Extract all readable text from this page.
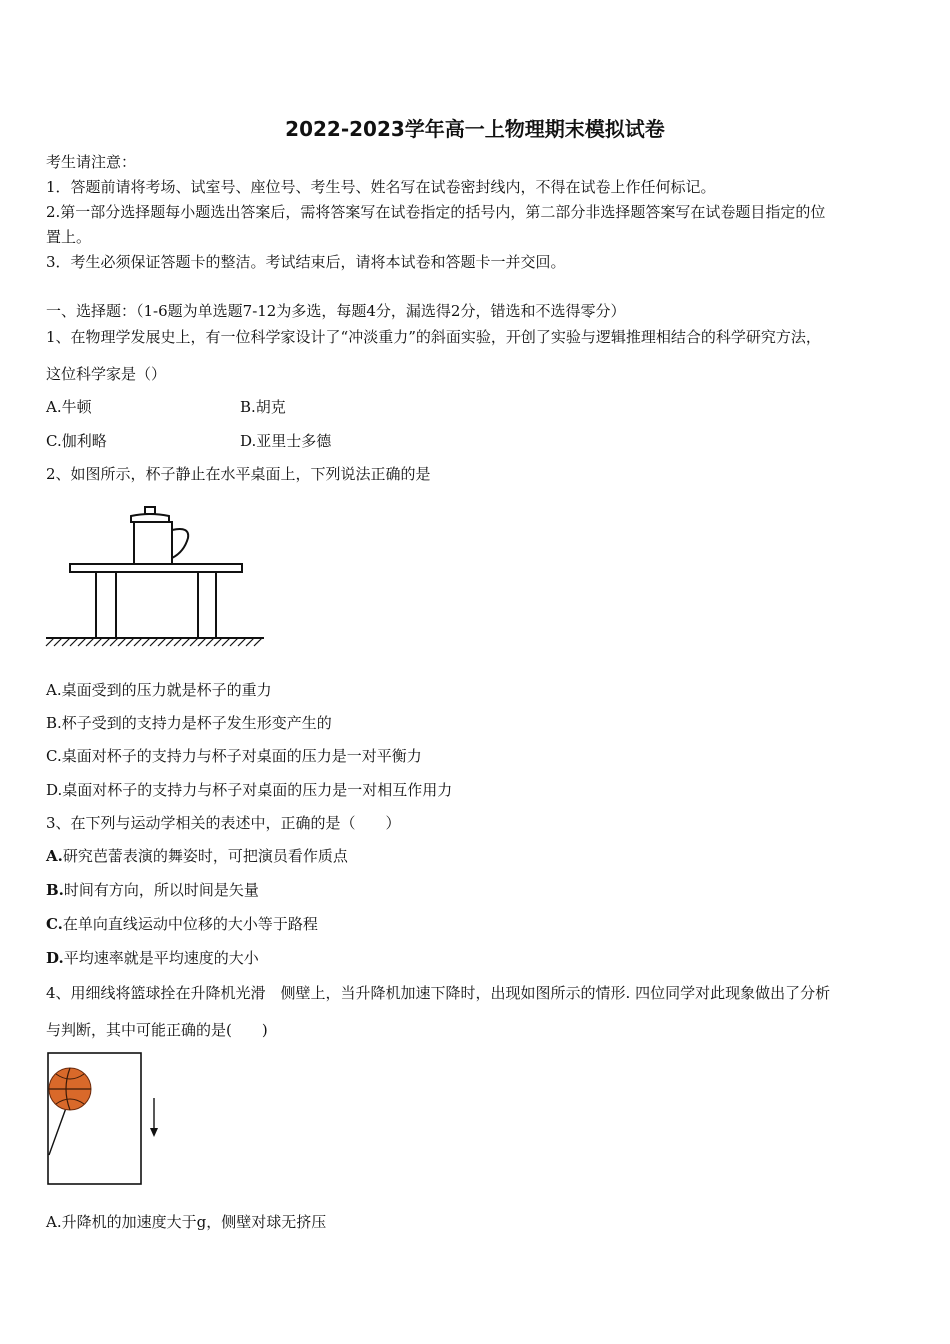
2022-2023学年高一上物理期末模拟试卷
考生请注意：
1．答题前请将考场、试室号、座位号、考生号、姓名写在试卷密封线内，不得在试卷上作任何标记。
2.第一部分选择题每小题选出答案后，需将答案写在试卷指定的括号内，第二部分非选择题答案写在试卷题目指定的位
置上。
3．考生必须保证答题卡的整洁。考试结束后，请将本试卷和答题卡一并交回。
一、选择题：（1-6题为单选题7-12为多选，每题4分，漏选得2分，错选和不选得零分）
1、在物理学发展史上，有一位科学家设计了“冲淡重力”的斜面实验，开创了实验与逻辑推理相结合的科学研究方法，
这位科学家是（）
A.牛顿	B.胡克
C.伽利略	D.亚里士多德
2、如图所示，杯子静止在水平桌面上，下列说法正确的是
A.桌面受到的压力就是杯子的重力
B.杯子受到的支持力是杯子发生形变产生的
C.桌面对杯子的支持力与杯子对桌面的压力是一对平衡力
D.桌面对杯子的支持力与杯子对桌面的压力是一对相互作用力
3、在下列与运动学相关的表述中，正确的是（　　）
A.研究芭蕾表演的舞姿时，可把演员看作质点
B.时间有方向，所以时间是矢量
C.在单向直线运动中位移的大小等于路程
D.平均速率就是平均速度的大小
4、用细线将篮球拴在升降机光滑　侧壁上，当升降机加速下降时，出现如图所示的情形. 四位同学对此现象做出了分析
与判断，其中可能正确的是(　　)
A.升降机的加速度大于g，侧壁对球无挤压
